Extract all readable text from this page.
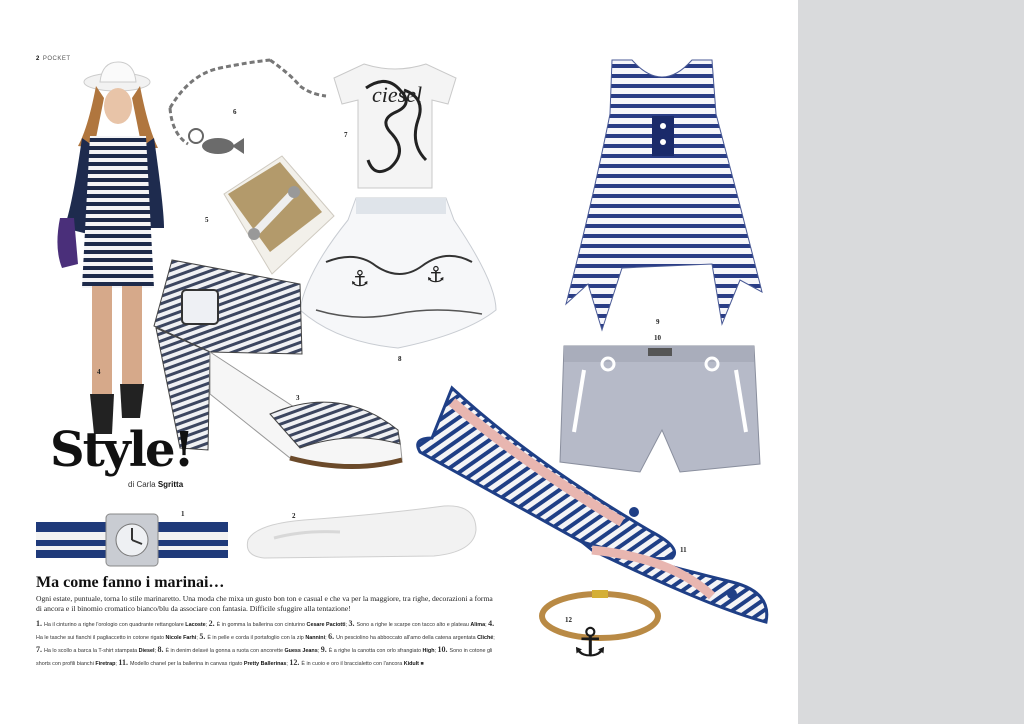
2 POCKET
ciesel
⚓	⚓
⚓
1	2
3
4
5
6
7
8
9
10
11
12
Style!
di Carla Sgritta
Ma come fanno i marinai…
Ogni estate, puntuale, torna lo stile marinaretto. Una moda che mixa un gusto bon ton e casual e che va per la maggiore, tra righe, decorazioni a forma di ancora e il binomio cromatico bianco/blu da associare con fantasia. Difficile sfuggire alla tentazione!
1. Ha il cinturino a righe l'orologio con quadrante rettangolare Lacoste; 2. È in gomma la ballerina con cinturino Cesare Paciotti; 3. Sono a righe le scarpe con tacco alto e plateau Alima; 4. Ha le tasche sui fianchi il pagliaccetto in cotone rigato Nicole Farhi; 5. È in pelle e corda il portafoglio con la zip Nannini; 6. Un pesciolino ha abboccato all'amo della catena argentata Cliché; 7. Ha lo scollo a barca la T-shirt stampata Diesel; 8. È in denim delavé la gonna a ruota con ancorette Guess Jeans; 9. È a righe la canotta con orlo sfrangiato High; 10. Sono in cotone gli shorts con profili bianchi Firetrap; 11. Modello chanel per la ballerina in canvas rigato Pretty Ballerinas; 12. È in cuoio e oro il braccialetto con l'ancora Kidult ■
